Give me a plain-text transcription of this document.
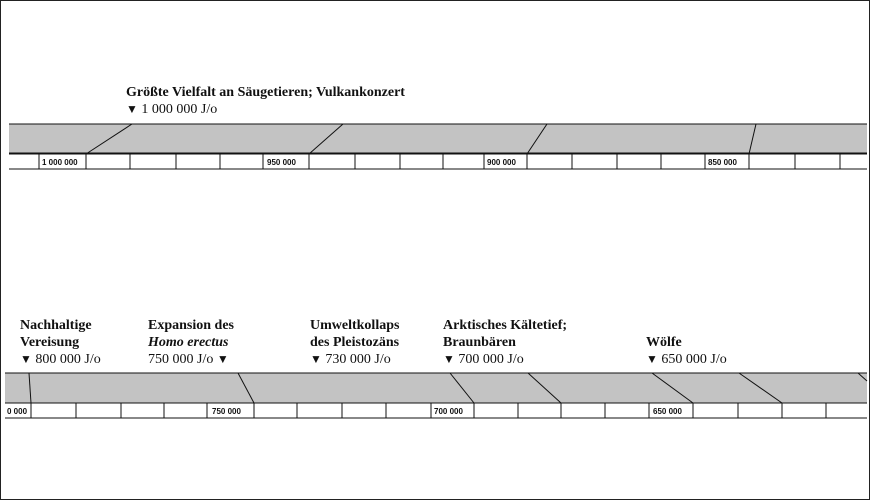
Größte Vielfalt an Säugetieren; Vulkankonzert
▼ 1 000 000 J/o
Nachhaltige
Vereisung
▼ 800 000 J/o
Expansion des
Homo erectus
750 000 J/o ▼
Umweltkollaps
des Pleistozäns
▼ 730 000 J/o
Arktisches Kältetief;
Braunbären
▼ 700 000 J/o
Wölfe
▼ 650 000 J/o
1 000 000	950 000	900 000	850 000
0 000	750 000	700 000	650 000
